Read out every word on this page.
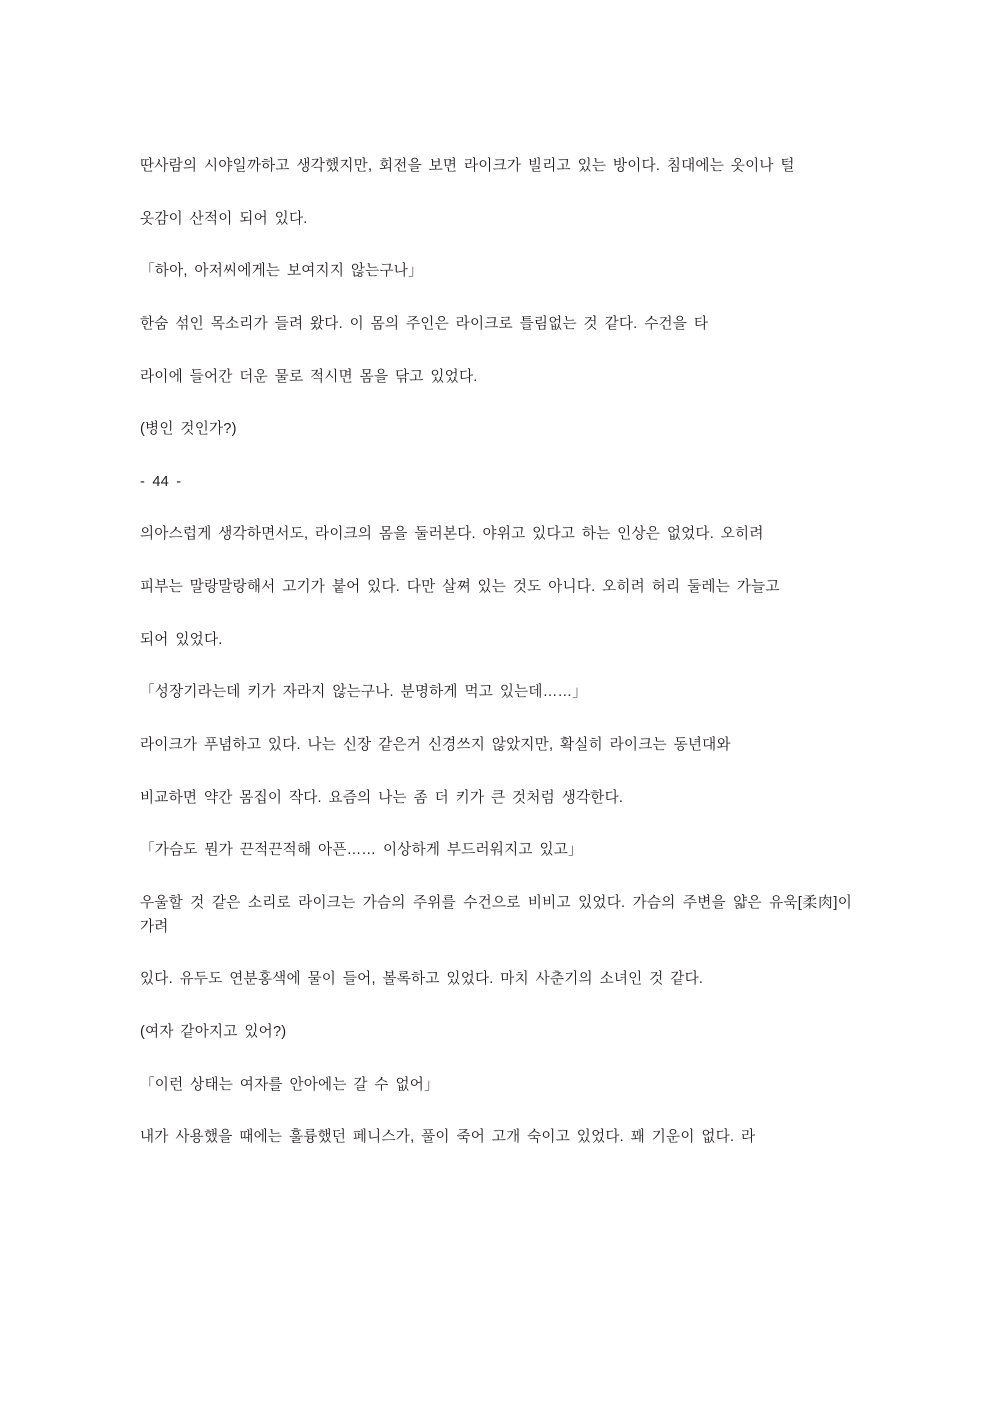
딴사람의 시야일까하고 생각했지만, 회전을 보면 라이크가 빌리고 있는 방이다. 침대에는 옷이나 털

옷감이 산적이 되어 있다.

「하아, 아저씨에게는 보여지지 않는구나」

한숨 섞인 목소리가 들려 왔다. 이 몸의 주인은 라이크로 틀림없는 것 같다. 수건을 타

라이에 들어간 더운 물로 적시면 몸을 닦고 있었다.

(병인 것인가?)

- 44 -

의아스럽게 생각하면서도, 라이크의 몸을 둘러본다. 야위고 있다고 하는 인상은 없었다. 오히려

피부는 말랑말랑해서 고기가 붙어 있다. 다만 살쪄 있는 것도 아니다. 오히려 허리 둘레는 가늘고

되어 있었다.

「성장기라는데 키가 자라지 않는구나. 분명하게 먹고 있는데……」

라이크가 푸념하고 있다. 나는 신장 같은거 신경쓰지 않았지만, 확실히 라이크는 동년대와

비교하면 약간 몸집이 작다. 요즘의 나는 좀 더 키가 큰 것처럼 생각한다.

「가슴도 뭔가 끈적끈적해 아픈…… 이상하게 부드러워지고 있고」

우울할 것 같은 소리로 라이크는 가슴의 주위를 수건으로 비비고 있었다. 가슴의 주변을 얇은 유욱[柔肉]이 가려

있다. 유두도 연분홍색에 물이 들어, 볼록하고 있었다. 마치 사춘기의 소녀인 것 같다.

(여자 같아지고 있어?)

「이런 상태는 여자를 안아에는 갈 수 없어」

내가 사용했을 때에는 훌륭했던 페니스가, 풀이 죽어 고개 숙이고 있었다. 꽤 기운이 없다. 라
